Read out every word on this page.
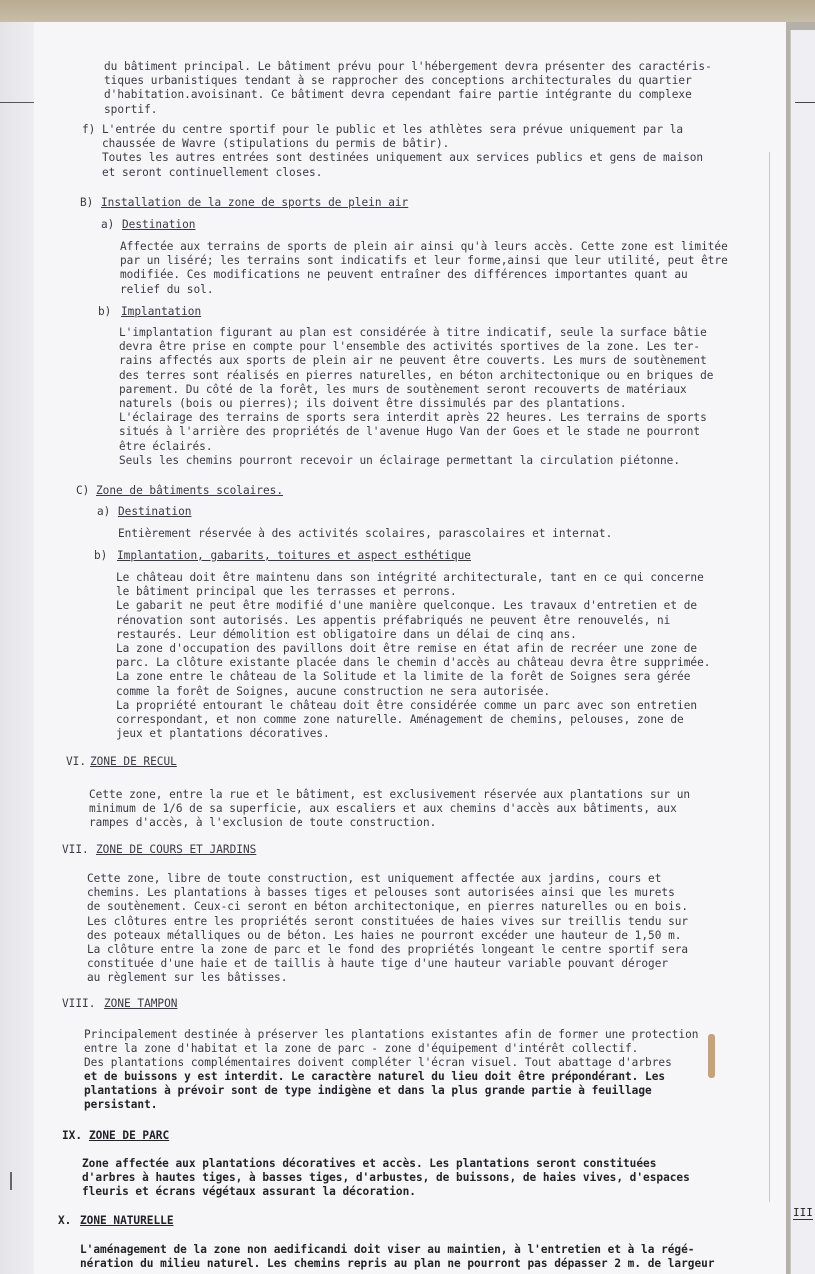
III

du bâtiment principal. Le bâtiment prévu pour l'hébergement devra présenter des caractéris-
tiques urbanistiques tendant à se rapprocher des conceptions architecturales du quartier
d'habitation.avoisinant. Ce bâtiment devra cependant faire partie intégrante du complexe
sportif.

f) L'entrée du centre sportif pour le public et les athlètes sera prévue uniquement par la
chaussée de Wavre (stipulations du permis de bâtir).
Toutes les autres entrées sont destinées uniquement aux services publics et gens de maison
et seront continuellement closes.

B) Installation de la zone de sports de plein air
a) Destination

Affectée aux terrains de sports de plein air ainsi qu'à leurs accès. Cette zone est limitée
par un liséré; les terrains sont indicatifs et leur forme,ainsi que leur utilité, peut être
modifiée. Ces modifications ne peuvent entraîner des différences importantes quant au
relief du sol.

b) Implantation

L'implantation figurant au plan est considérée à titre indicatif, seule la surface bâtie
devra être prise en compte pour l'ensemble des activités sportives de la zone. Les ter-
rains affectés aux sports de plein air ne peuvent être couverts. Les murs de soutènement
des terres sont réalisés en pierres naturelles, en béton architectonique ou en briques de
parement. Du côté de la forêt, les murs de soutènement seront recouverts de matériaux
naturels (bois ou pierres); ils doivent être dissimulés par des plantations.
L'éclairage des terrains de sports sera interdit après 22 heures. Les terrains de sports
situés à l'arrière des propriétés de l'avenue Hugo Van der Goes et le stade ne pourront
être éclairés.
Seuls les chemins pourront recevoir un éclairage permettant la circulation piétonne.

C) Zone de bâtiments scolaires.
a) Destination

Entièrement réservée à des activités scolaires, parascolaires et internat.

b) Implantation, gabarits, toitures et aspect esthétique

Le château doit être maintenu dans son intégrité architecturale, tant en ce qui concerne
le bâtiment principal que les terrasses et perrons.
Le gabarit ne peut être modifié d'une manière quelconque. Les travaux d'entretien et de
rénovation sont autorisés. Les appentis préfabriqués ne peuvent être renouvelés, ni
restaurés. Leur démolition est obligatoire dans un délai de cinq ans.
La zone d'occupation des pavillons doit être remise en état afin de recréer une zone de
parc. La clôture existante placée dans le chemin d'accès au château devra être supprimée.
La zone entre le château de la Solitude et la limite de la forêt de Soignes sera gérée
comme la forêt de Soignes, aucune construction ne sera autorisée.
La propriété entourant le château doit être considérée comme un parc avec son entretien
correspondant, et non comme zone naturelle. Aménagement de chemins, pelouses, zone de
jeux et plantations décoratives.

VI. ZONE DE RECUL

Cette zone, entre la rue et le bâtiment, est exclusivement réservée aux plantations sur un
minimum de 1/6 de sa superficie, aux escaliers et aux chemins d'accès aux bâtiments, aux
rampes d'accès, à l'exclusion de toute construction.

VII. ZONE DE COURS ET JARDINS

Cette zone, libre de toute construction, est uniquement affectée aux jardins, cours et
chemins. Les plantations à basses tiges et pelouses sont autorisées ainsi que les murets
de soutènement. Ceux-ci seront en béton architectonique, en pierres naturelles ou en bois.
Les clôtures entre les propriétés seront constituées de haies vives sur treillis tendu sur
des poteaux métalliques ou de béton. Les haies ne pourront excéder une hauteur de 1,50 m.
La clôture entre la zone de parc et le fond des propriétés longeant le centre sportif sera
constituée d'une haie et de taillis à haute tige d'une hauteur variable pouvant déroger
au règlement sur les bâtisses.

VIII. ZONE TAMPON

Principalement destinée à préserver les plantations existantes afin de former une protection
entre la zone d'habitat et la zone de parc - zone d'équipement d'intérêt collectif.
Des plantations complémentaires doivent compléter l'écran visuel. Tout abattage d'arbres

et de buissons y est interdit. Le caractère naturel du lieu doit être prépondérant. Les
plantations à prévoir sont de type indigène et dans la plus grande partie à feuillage
persistant.

IX. ZONE DE PARC

Zone affectée aux plantations décoratives et accès. Les plantations seront constituées
d'arbres à hautes tiges, à basses tiges, d'arbustes, de buissons, de haies vives, d'espaces
fleuris et écrans végétaux assurant la décoration.

X. ZONE NATURELLE

L'aménagement de la zone non aedificandi doit viser au maintien, à l'entretien et à la régé-
nération du milieu naturel. Les chemins repris au plan ne pourront pas dépasser 2 m. de largeur
